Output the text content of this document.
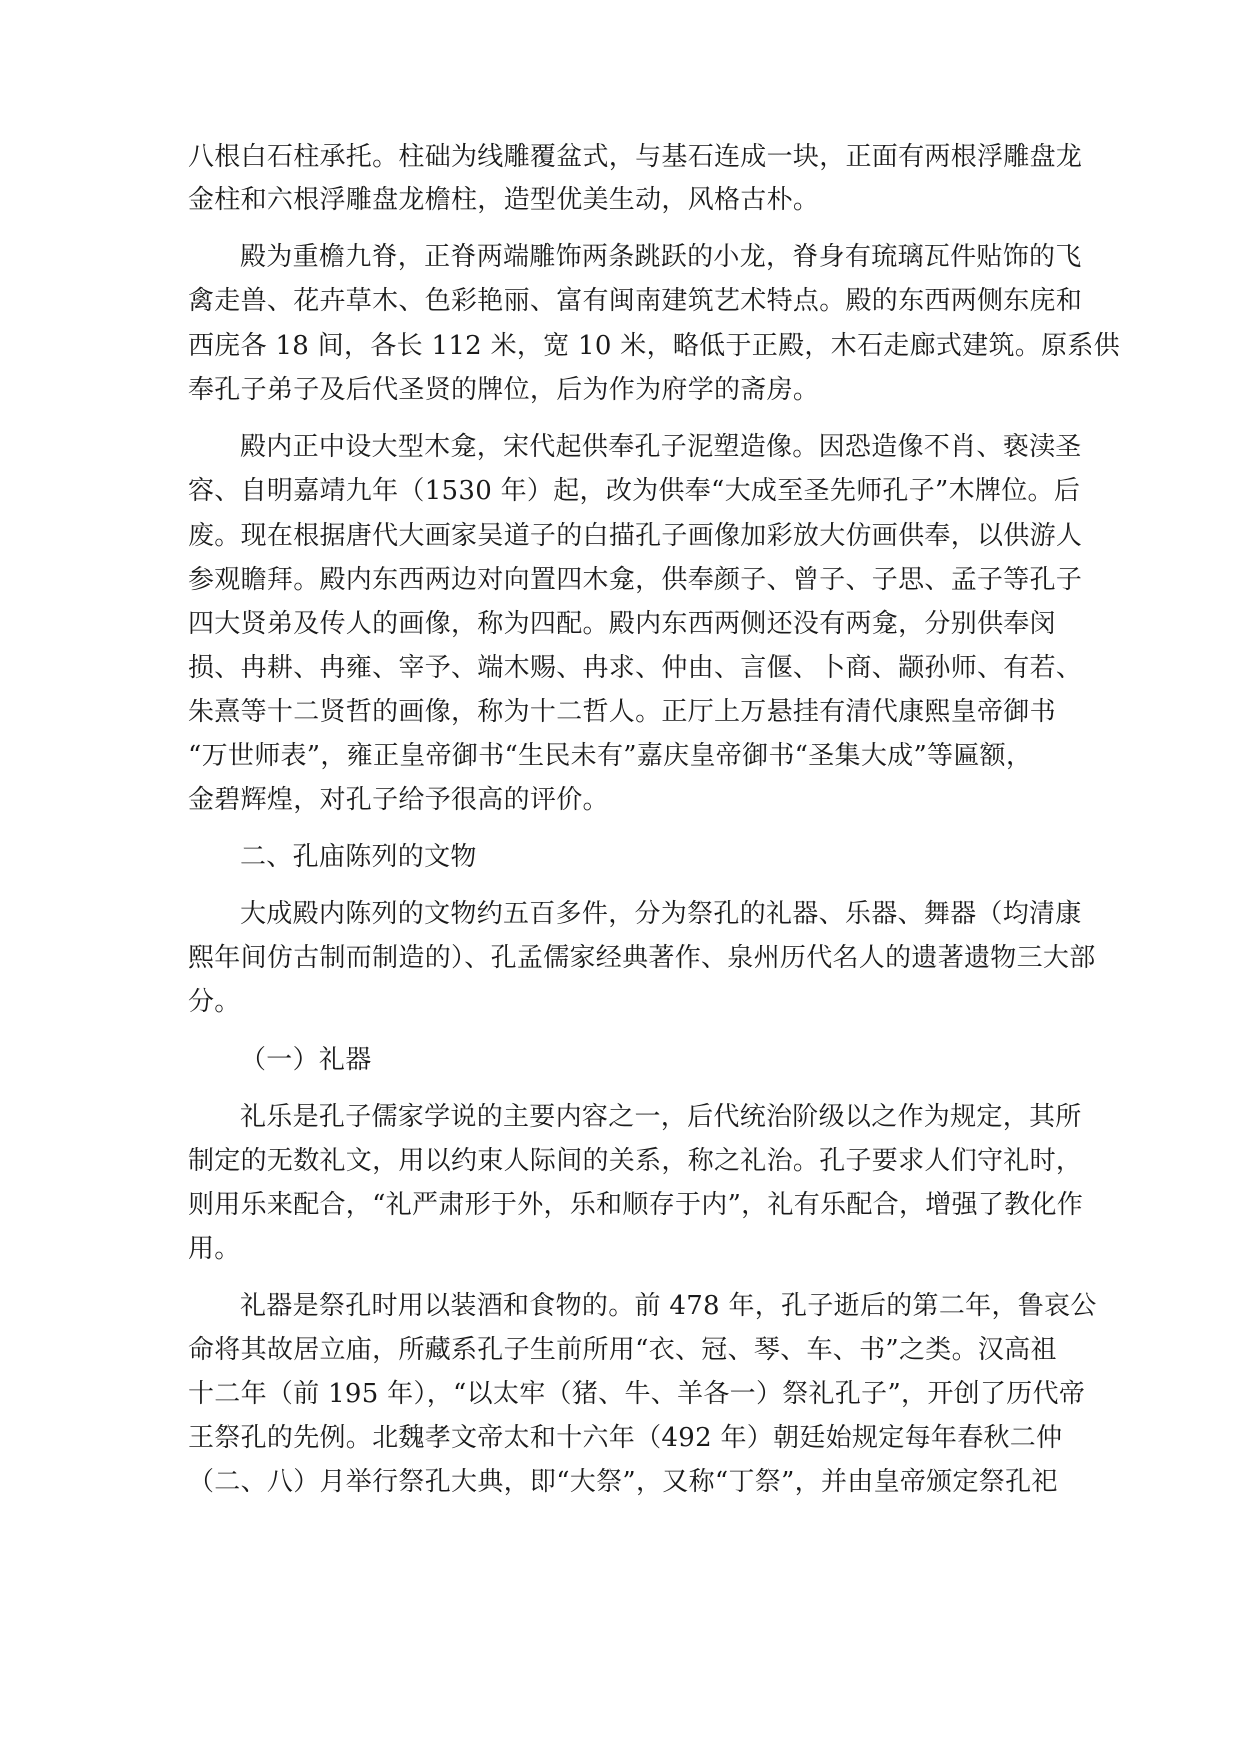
八根白石柱承托。柱础为线雕覆盆式，与基石连成一块，正面有两根浮雕盘龙
金柱和六根浮雕盘龙檐柱，造型优美生动，风格古朴。
殿为重檐九脊，正脊两端雕饰两条跳跃的小龙，脊身有琉璃瓦件贴饰的飞
禽走兽、花卉草木、色彩艳丽、富有闽南建筑艺术特点。殿的东西两侧东庑和
西庑各 18 间，各长 112 米，宽 10 米，略低于正殿，木石走廊式建筑。原系供
奉孔子弟子及后代圣贤的牌位，后为作为府学的斋房。
殿内正中设大型木龛，宋代起供奉孔子泥塑造像。因恐造像不肖、亵渎圣
容、自明嘉靖九年（1530 年）起，改为供奉“大成至圣先师孔子”木牌位。后
废。现在根据唐代大画家吴道子的白描孔子画像加彩放大仿画供奉，以供游人
参观瞻拜。殿内东西两边对向置四木龛，供奉颜子、曾子、子思、孟子等孔子
四大贤弟及传人的画像，称为四配。殿内东西两侧还没有两龛，分别供奉闵
损、冉耕、冉雍、宰予、端木赐、冉求、仲由、言偃、卜商、颛孙师、有若、
朱熹等十二贤哲的画像，称为十二哲人。正厅上万悬挂有清代康熙皇帝御书
“万世师表”，雍正皇帝御书“生民未有”嘉庆皇帝御书“圣集大成”等匾额，
金碧辉煌，对孔子给予很高的评价。
二、孔庙陈列的文物
大成殿内陈列的文物约五百多件，分为祭孔的礼器、乐器、舞器（均清康
熙年间仿古制而制造的）、孔孟儒家经典著作、泉州历代名人的遗著遗物三大部
分。
（一）礼器
礼乐是孔子儒家学说的主要内容之一，后代统治阶级以之作为规定，其所
制定的无数礼文，用以约束人际间的关系，称之礼治。孔子要求人们守礼时，
则用乐来配合，“礼严肃形于外，乐和顺存于内”，礼有乐配合，增强了教化作
用。
礼器是祭孔时用以装酒和食物的。前 478 年，孔子逝后的第二年，鲁哀公
命将其故居立庙，所藏系孔子生前所用“衣、冠、琴、车、书”之类。汉高祖
十二年（前 195 年），“以太牢（猪、牛、羊各一）祭礼孔子”，开创了历代帝
王祭孔的先例。北魏孝文帝太和十六年（492 年）朝廷始规定每年春秋二仲
（二、八）月举行祭孔大典，即“大祭”，又称“丁祭”，并由皇帝颁定祭孔祀
